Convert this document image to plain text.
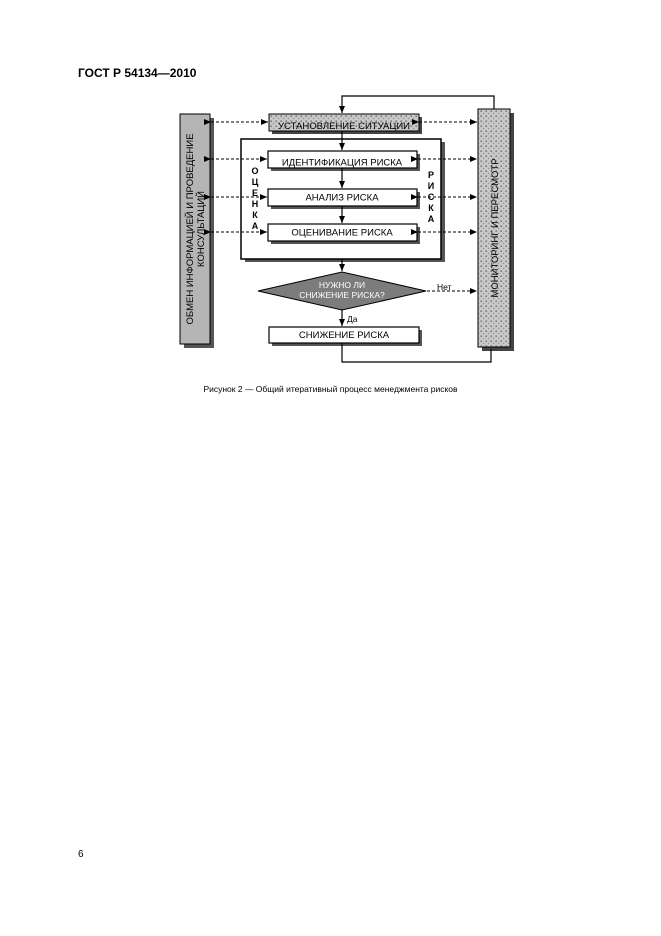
ГОСТ Р 54134—2010
ОБМЕН ИНФОРМАЦИЕЙ И ПРОВЕДЕНИЕ КОНСУЛЬТАЦИЙ	МОНИТОРИНГ И ПЕРЕСМОТР
УСТАНОВЛЕНИЕ СИТУАЦИИ
ИДЕНТИФИКАЦИЯ РИСКА
АНАЛИЗ РИСКА
ОЦЕНИВАНИЕ РИСКА
О
Ц
Е
Н
К
А
Р
И
С
К
А
НУЖНО ЛИ
СНИЖЕНИЕ РИСКА?
СНИЖЕНИЕ РИСКА
Да
Нет
Рисунок 2 — Общий итеративный процесс менеджмента рисков
6
